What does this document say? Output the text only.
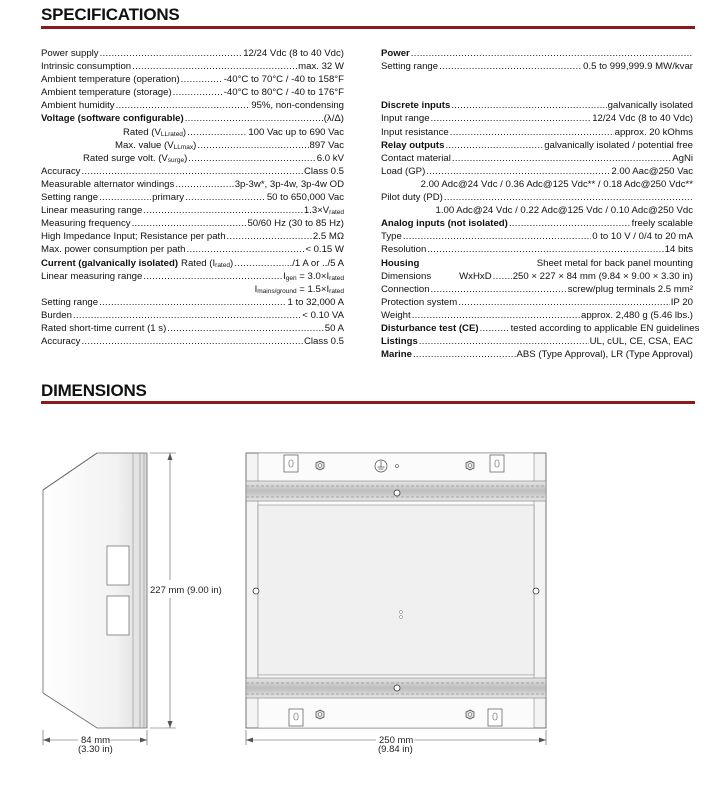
SPECIFICATIONS
Power supply .....	12/24 Vdc (8 to 40 Vdc)
Intrinsic consumption .....	max. 32 W
Ambient temperature (operation) .....	-40°C to 70°C / -40 to 158°F
Ambient temperature (storage) .....	-40°C to 80°C / -40 to 176°F
Ambient humidity .....	95%, non-condensing
Voltage (software configurable) .....	(λ/Δ)
Rated $(V_{LLrated})$ .....	100 Vac up to 690 Vac
Max. value $(V_{LLmax})$ .....	897 Vac
Rated surge volt. $(V_{surge})$ .....	6.0 kV
Accuracy .....	Class 0.5
Measurable alternator windings .....	3p-3w*, 3p-4w, 3p-4w OD
Setting range .....	primary .....	50 to 650,000 Vac
Linear measuring range .....	$1.3\times V_{rated}$
Measuring frequency .....	50/60 Hz (30 to 85 Hz)
High Impedance Input; Resistance per path .....	2.5 MΩ
Max. power consumption per path .....	< 0.15 W
Current (galvanically isolated) Rated $(I_{rated})$ .....	../1 A or ../5 A
Linear measuring range .....	$I_{gen} = 3.0\times I_{rated}$
$I_{mains/ground} = 1.5\times I_{rated}$
Setting range .....	1 to 32,000 A
Burden .....	< 0.10 VA
Rated short-time current (1 s) .....	50 A
Accuracy .....	Class 0.5
Power
.....
Setting range .....	0.5 to 999,999.9 MW/kvar
Discrete inputs .....	galvanically isolated
Input range .....	12/24 Vdc (8 to 40 Vdc)
Input resistance .....	approx. 20 kOhms
Relay outputs .....	galvanically isolated / potential free
Contact material .....	AgNi
Load (GP) .....	2.00 Aac@250 Vac
2.00 Adc@24 Vdc / 0.36 Adc@125 Vdc** / 0.18 Adc@250 Vdc**
Pilot duty (PD)
.....
1.00 Adc@24 Vdc / 0.22 Adc@125 Vdc / 0.10 Adc@250 Vdc
Analog inputs (not isolated) .....	freely scalable
Type .....	0 to 10 V / 0/4 to 20 mA
Resolution .....	14 bits
Housing	Sheet metal for back panel mounting
Dimensions	WxHxD ..... 250 × 227 × 84 mm (9.84 × 9.00 × 3.30 in)
Connection .....	screw/plug terminals 2.5 mm²
Protection system .....	IP 20
Weight .....	approx. 2,480 g (5.46 lbs.)
Disturbance test (CE) .....	tested according to applicable EN guidelines
Listings .....	UL, cUL, CE, CSA, EAC
Marine .....	ABS (Type Approval), LR (Type Approval)
DIMENSIONS
227 mm (9.00 in)
84 mm
(3.30 in)
250 mm
(9.84 in)
